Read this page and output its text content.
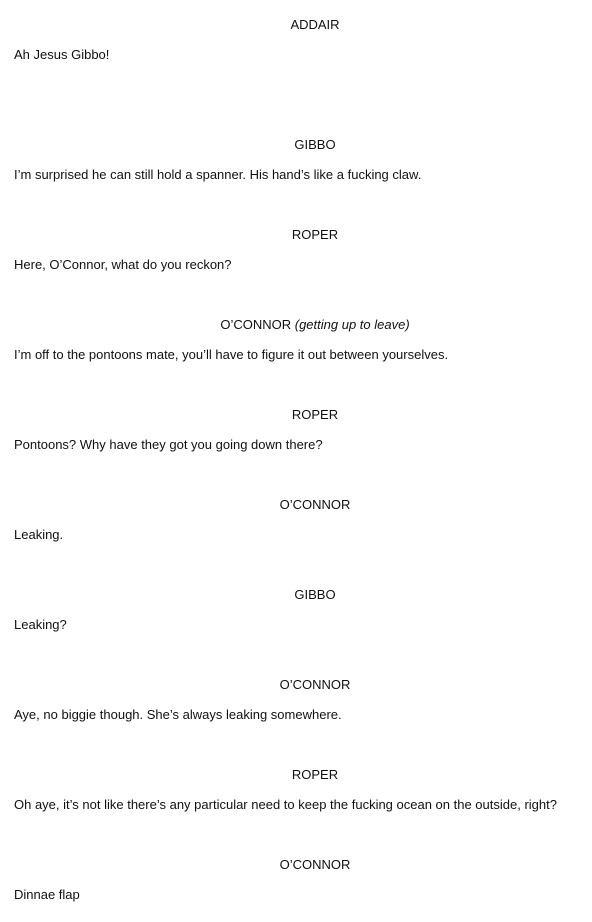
ADDAIR
Ah Jesus Gibbo!
GIBBO
I’m surprised he can still hold a spanner. His hand’s like a fucking claw.
ROPER
Here, O’Connor, what do you reckon?
O’CONNOR (getting up to leave)
I’m off to the pontoons mate, you’ll have to figure it out between yourselves.
ROPER
Pontoons? Why have they got you going down there?
O’CONNOR
Leaking.
GIBBO
Leaking?
O’CONNOR
Aye, no biggie though. She’s always leaking somewhere.
ROPER
Oh aye, it’s not like there’s any particular need to keep the fucking ocean on the outside, right?
O’CONNOR
Dinnae flap
